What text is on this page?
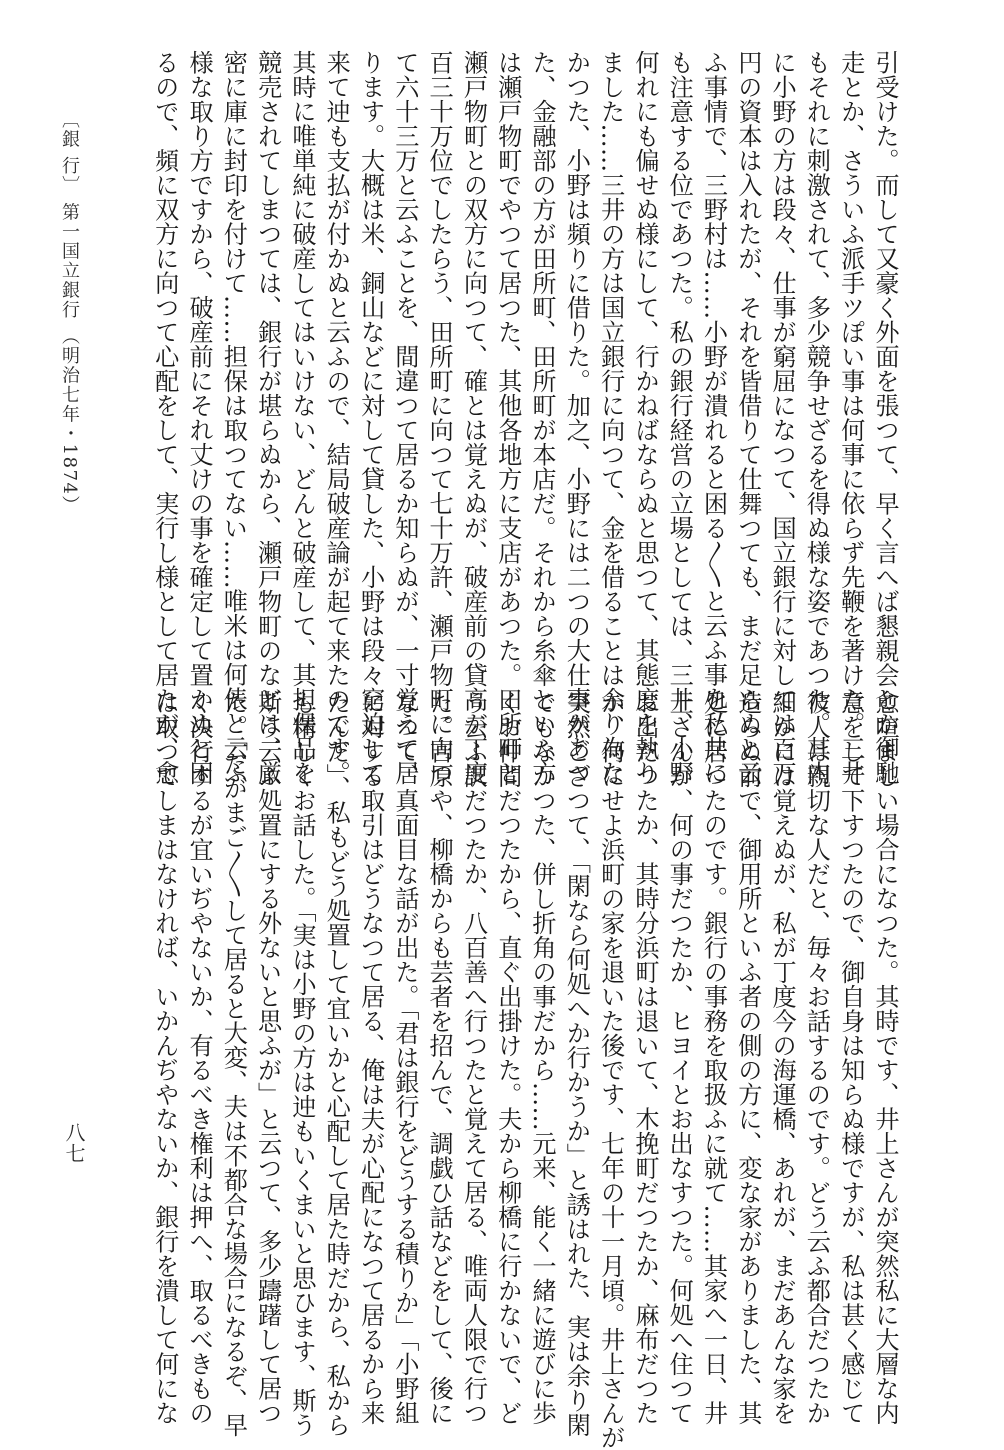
引受けた。而して又豪く外面を張つて、早く言へば懇親会とか御馳
走とか、さういふ派手ツぽい事は何事に依らず先鞭を著けた。三井
もそれに刺激されて、多少競争せざるを得ぬ様な姿であつた。其内
に小野の方は段々、仕事が窮屈になつて、国立銀行に対しては百万
円の資本は入れたが、それを皆借りて仕舞つても、まだ足らぬと云
ふ事情で、三野村は……小野が潰れると困る〳〵と云ふ事を私共に
も注意する位であつた。私の銀行経営の立場としては、三井、小野
何れにも偏せぬ様にして、行かねばならぬと思つて、其態度を執り
ました……三井の方は国立銀行に向つて、金を借ることは余り為な
かつた、小野は頻りに借りた。加之、小野には二つの大仕事があつ
た、金融部の方が田所町、田所町が本店だ。それから糸傘といふ方
は瀬戸物町でやつて居つた、其他各地方に支店があつた。田所町と
瀬戸物町との双方に向つて、確とは覚えぬが、破産前の貸高が丁度
百三十万位でしたらう、田所町に向つて七十万許、瀬戸物町に向つ
て六十三万と云ふことを、間違つて居るか知らぬが、一寸覚えて居
ります。大概は米、銅山などに対して貸した、小野は段々窮迫して
来て迚も支払が付かぬと云ふので、結局破産論が起て来たのです。
其時に唯単純に破産してはいけない、どんと破産して、其担保品を
競売されてしまつては、銀行が堪らぬから、瀬戸物町のなどは、厳
密に庫に封印を付けて……担保は取つてない……唯米は何俵と云ふ
様な取り方ですから、破産前にそれ丈けの事を確定して置かぬと困
るので、頻に双方に向つて心配をして、実行し様として居たが、愈
愈喧ましい場合になつた。其時です、井上さんが突然私に大層な内
意をして下すつたので、御自身は知らぬ様ですが、私は甚く感じて
彼人は親切な人だと、毎々お話するのです。どう云ふ都合だつたか
細かには覚えぬが、私が丁度今の海運橋、あれが、まだあんな家を
造らぬ前で、御用所といふ者の側の方に、変な家がありました、其
処に居つたのです。銀行の事務を取扱ふに就て……其家へ一日、井
上さんが、何の事だつたか、ヒヨイとお出なすつた。何処へ住つて
お出だつたか、其時分浜町は退いて、木挽町だつたか、麻布だつた
か、何にせよ浜町の家を退いた後です、七年の十一月頃。井上さんが
突然ござつて、「閑なら何処へか行かうか」と誘はれた、実は余り閑
でもなかつた、併し折角の事だから……元来、能く一緒に遊びに歩
くお仲間だつたから、直ぐ出掛けた。夫から柳橋に行かないで、ど
う云ふ訳だつたか、八百善へ行つたと覚えて居る、唯両人限で行つ
た。吉原や、柳橋からも芸者を招んで、調戯ひ話などをして、後に
なつて、真面目な話が出た。「君は銀行をどうする積りか」「小野組
に対する取引はどうなつて居る、俺は夫が心配になつて居るから来
たんだ」、私もどう処置して宜いかと心配して居た時だから、私から
も精しくお話した。「実は小野の方は迚もいくまいと思ひます、斯う
斯う云ふ処置にする外ないと思ふが」と云つて、多少躊躇して居つ
た。「だがまご〳〵して居ると大変、夫は不都合な場合になるぞ、早
く決行するが宜いぢやないか、有るべき権利は押へ、取るべきもの
は取つてしまはなければ、いかんぢやないか、銀行を潰して何にな
〔銀 行〕 第一国立銀行 （明治七年・1874）
八七
